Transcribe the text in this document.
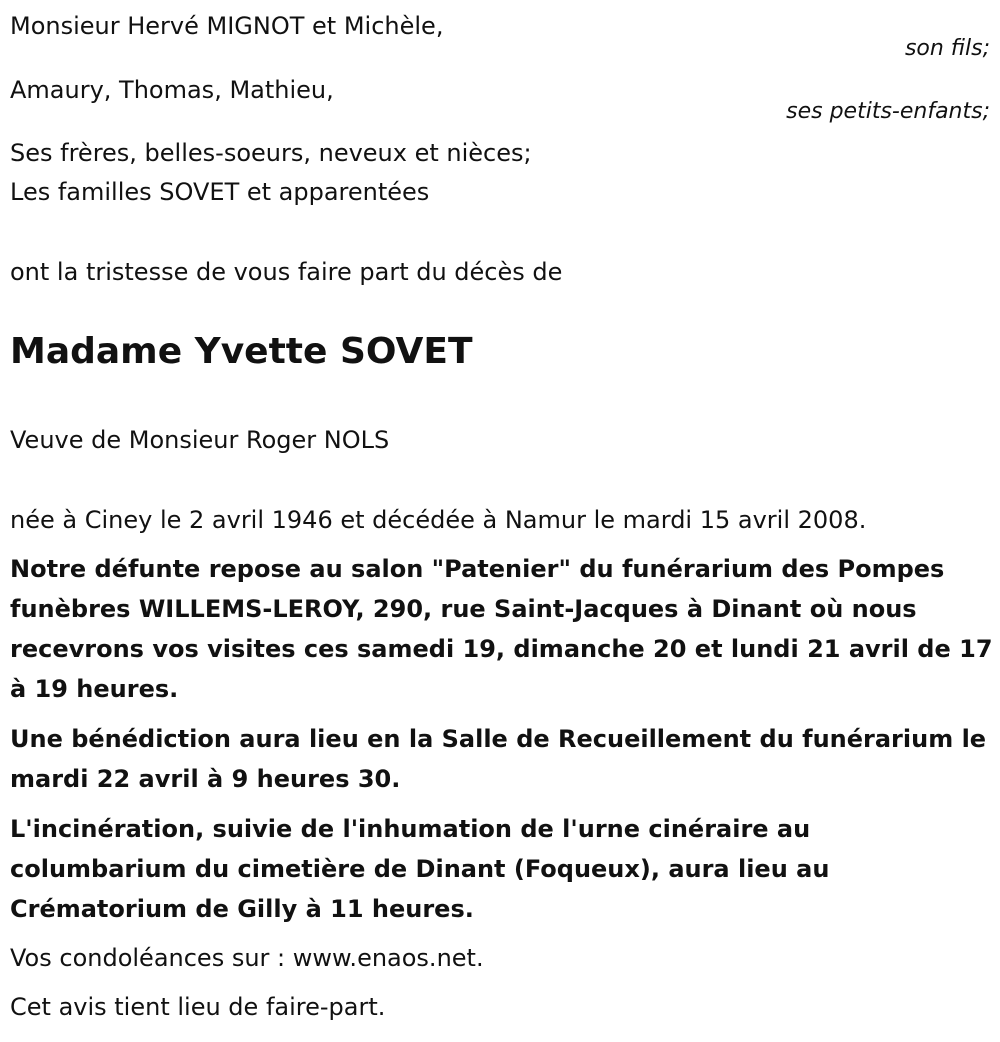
Monsieur Hervé MIGNOT et Michèle,
son fils;
Amaury, Thomas, Mathieu,
ses petits-enfants;
Ses frères, belles-soeurs, neveux et nièces;
Les familles SOVET et apparentées
ont la tristesse de vous faire part du décès de
Madame Yvette SOVET
Veuve de Monsieur Roger NOLS
née à Ciney le 2 avril 1946 et décédée à Namur le mardi 15 avril 2008.
Notre défunte repose au salon "Patenier" du funérarium des Pompes funèbres WILLEMS-LEROY, 290, rue Saint-Jacques à Dinant où nous recevrons vos visites ces samedi 19, dimanche 20 et lundi 21 avril de 17 à 19 heures.
Une bénédiction aura lieu en la Salle de Recueillement du funérarium le mardi 22 avril à 9 heures 30.
L'incinération, suivie de l'inhumation de l'urne cinéraire au columbarium du cimetière de Dinant (Foqueux), aura lieu au Crématorium de Gilly à 11 heures.
Vos condoléances sur : www.enaos.net.
Cet avis tient lieu de faire-part.
